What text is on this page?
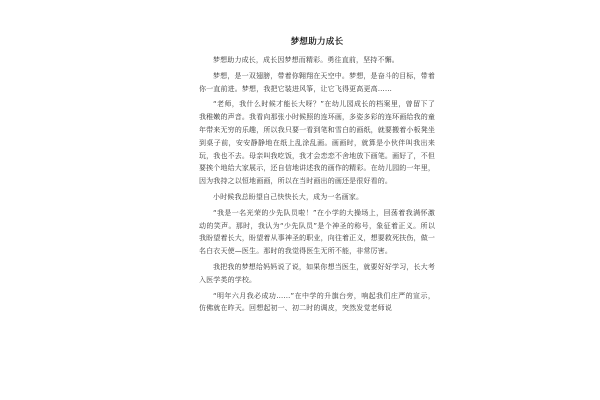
梦想助力成长

梦想助力成长，成长因梦想而精彩。勇往直前，坚持不懈。

梦想，是一双翅膀，带着你翱翔在天空中。梦想，是奋斗的目标，带着你一直前进。梦想，我把它装进风筝，让它飞得更高更高……

“老师，我什么时候才能长大呀？”在幼儿园成长的档案里，曾留下了我稚嫩的声音。我看向那张小时候照的连环画，多姿多彩的连环画给我的童年带来无穷的乐趣，所以我只要一看到笔和雪白的画纸，就要搬着小板凳坐到桌子前，安安静静地在纸上乱涂乱画。画画时，就算是小伙伴叫我出来玩，我也不去。母亲叫我吃饭，我才会恋恋不舍地放下画笔。画好了，不但要挨个地给大家展示，还自信地讲述我的画作的精彩。在幼儿园的一年里，因为我持之以恒地画画，所以在当时画出的画还是很好看的。

小时候我总盼望自己快快长大，成为一名画家。

“我是一名光荣的少先队员啦！”在小学的大操场上，回荡着我满怀激动的笑声。那时，我认为“少先队员”是个神圣的称号，象征着正义。所以我盼望着长大，盼望着从事神圣的职业，向往着正义，想要救死扶伤，做一名白衣天使—医生。那时的我觉得医生无所不能，非常厉害。

我把我的梦想给妈妈说了说，如果你想当医生，就要好好学习，长大考入医学类的学校。

“明年六月我必成功……”在中学的升旗台旁，响起我们庄严的宣示，仿佛就在昨天。回想起初一、初二时的调皮，突然发觉老师说
